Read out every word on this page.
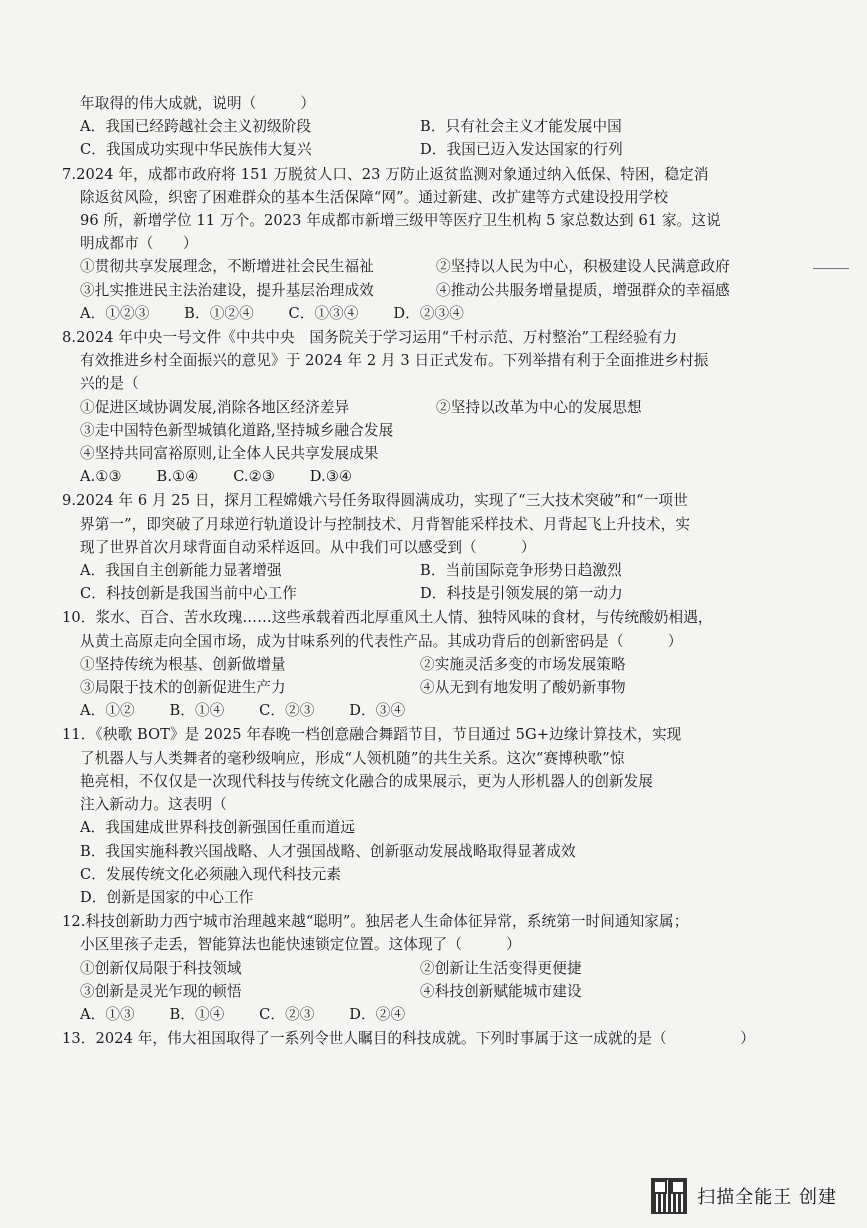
年取得的伟大成就，说明（　　　）
A．我国已经跨越社会主义初级阶段	B．只有社会主义才能发展中国
C．我国成功实现中华民族伟大复兴	D．我国已迈入发达国家的行列
7.2024 年，成都市政府将 151 万脱贫人口、23 万防止返贫监测对象通过纳入低保、特困，稳定消
除返贫风险，织密了困难群众的基本生活保障“网”。通过新建、改扩建等方式建设投用学校
96 所，新增学位 11 万个。2023 年成都市新增三级甲等医疗卫生机构 5 家总数达到 61 家。这说
明成都市（　　）
①贯彻共享发展理念，不断增进社会民生福祉	②坚持以人民为中心，积极建设人民满意政府
③扎实推进民主法治建设，提升基层治理成效	④推动公共服务增量提质，增强群众的幸福感
A．①②③ B．①②④ C．①③④ D．②③④
8.2024 年中央一号文件《中共中央　国务院关于学习运用“千村示范、万村整治”工程经验有力
有效推进乡村全面振兴的意见》于 2024 年 2 月 3 日正式发布。下列举措有利于全面推进乡村振
兴的是（
①促进区域协调发展,消除各地区经济差异	②坚持以改革为中心的发展思想
③走中国特色新型城镇化道路,坚持城乡融合发展
④坚持共同富裕原则,让全体人民共享发展成果
A.①③ B.①④ C.②③ D.③④
9.2024 年 6 月 25 日，探月工程嫦娥六号任务取得圆满成功，实现了“三大技术突破”和“一项世
界第一”，即突破了月球逆行轨道设计与控制技术、月背智能采样技术、月背起飞上升技术，实
现了世界首次月球背面自动采样返回。从中我们可以感受到（　　　）
A．我国自主创新能力显著增强	B．当前国际竞争形势日趋激烈
C．科技创新是我国当前中心工作	D．科技是引领发展的第一动力
10．浆水、百合、苦水玫瑰……这些承载着西北厚重风土人情、独特风味的食材，与传统酸奶相遇，
从黄土高原走向全国市场，成为甘味系列的代表性产品。其成功背后的创新密码是（　　　）
①坚持传统为根基、创新做增量	②实施灵活多变的市场发展策略
③局限于技术的创新促进生产力	④从无到有地发明了酸奶新事物
A．①② B．①④ C．②③ D．③④
11．《秧歌 BOT》是 2025 年春晚一档创意融合舞蹈节目，节目通过 5G+边缘计算技术，实现
了机器人与人类舞者的毫秒级响应，形成“人领机随”的共生关系。这次“赛博秧歌”惊
艳亮相，不仅仅是一次现代科技与传统文化融合的成果展示，更为人形机器人的创新发展
注入新动力。这表明（
A．我国建成世界科技创新强国任重而道远
B．我国实施科教兴国战略、人才强国战略、创新驱动发展战略取得显著成效
C．发展传统文化必须融入现代科技元素
D．创新是国家的中心工作
12.科技创新助力西宁城市治理越来越“聪明”。独居老人生命体征异常，系统第一时间通知家属；
小区里孩子走丢，智能算法也能快速锁定位置。这体现了（　　　）
①创新仅局限于科技领域	②创新让生活变得更便捷
③创新是灵光乍现的顿悟	④科技创新赋能城市建设
A．①③ B．①④ C．②③ D．②④
13．2024 年，伟大祖国取得了一系列令世人瞩目的科技成就。下列时事属于这一成就的是（　　　　　）
扫描全能王 创建
